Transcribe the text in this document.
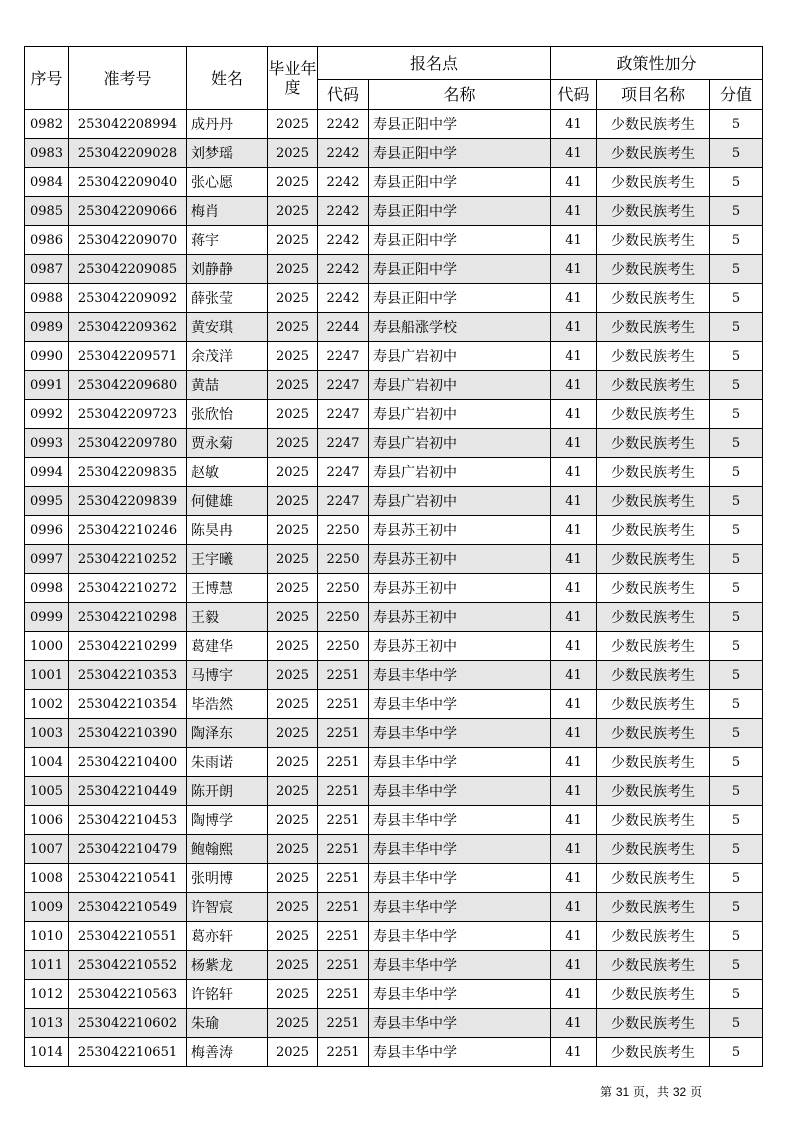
序号	准考号	姓名	毕业年度	报名点		政策性加分		
				代码	名称	代码	项目名称	分值
0982	253042208994	成丹丹	2025	2242	寿县正阳中学	41	少数民族考生	5
0983	253042209028	刘梦瑶	2025	2242	寿县正阳中学	41	少数民族考生	5
0984	253042209040	张心愿	2025	2242	寿县正阳中学	41	少数民族考生	5
0985	253042209066	梅肖	2025	2242	寿县正阳中学	41	少数民族考生	5
0986	253042209070	蒋宇	2025	2242	寿县正阳中学	41	少数民族考生	5
0987	253042209085	刘静静	2025	2242	寿县正阳中学	41	少数民族考生	5
0988	253042209092	薛张莹	2025	2242	寿县正阳中学	41	少数民族考生	5
0989	253042209362	黄安琪	2025	2244	寿县船涨学校	41	少数民族考生	5
0990	253042209571	余茂洋	2025	2247	寿县广岩初中	41	少数民族考生	5
0991	253042209680	黄喆	2025	2247	寿县广岩初中	41	少数民族考生	5
0992	253042209723	张欣怡	2025	2247	寿县广岩初中	41	少数民族考生	5
0993	253042209780	贾永菊	2025	2247	寿县广岩初中	41	少数民族考生	5
0994	253042209835	赵敏	2025	2247	寿县广岩初中	41	少数民族考生	5
0995	253042209839	何健雄	2025	2247	寿县广岩初中	41	少数民族考生	5
0996	253042210246	陈昊冉	2025	2250	寿县苏王初中	41	少数民族考生	5
0997	253042210252	王宇曦	2025	2250	寿县苏王初中	41	少数民族考生	5
0998	253042210272	王博慧	2025	2250	寿县苏王初中	41	少数民族考生	5
0999	253042210298	王毅	2025	2250	寿县苏王初中	41	少数民族考生	5
1000	253042210299	葛建华	2025	2250	寿县苏王初中	41	少数民族考生	5
1001	253042210353	马博宇	2025	2251	寿县丰华中学	41	少数民族考生	5
1002	253042210354	毕浩然	2025	2251	寿县丰华中学	41	少数民族考生	5
1003	253042210390	陶泽东	2025	2251	寿县丰华中学	41	少数民族考生	5
1004	253042210400	朱雨诺	2025	2251	寿县丰华中学	41	少数民族考生	5
1005	253042210449	陈开朗	2025	2251	寿县丰华中学	41	少数民族考生	5
1006	253042210453	陶博学	2025	2251	寿县丰华中学	41	少数民族考生	5
1007	253042210479	鲍翰熙	2025	2251	寿县丰华中学	41	少数民族考生	5
1008	253042210541	张明博	2025	2251	寿县丰华中学	41	少数民族考生	5
1009	253042210549	许智宸	2025	2251	寿县丰华中学	41	少数民族考生	5
1010	253042210551	葛亦轩	2025	2251	寿县丰华中学	41	少数民族考生	5
1011	253042210552	杨紫龙	2025	2251	寿县丰华中学	41	少数民族考生	5
1012	253042210563	许铭轩	2025	2251	寿县丰华中学	41	少数民族考生	5
1013	253042210602	朱瑜	2025	2251	寿县丰华中学	41	少数民族考生	5
1014	253042210651	梅善涛	2025	2251	寿县丰华中学	41	少数民族考生	5
第 31 页，共 32 页
